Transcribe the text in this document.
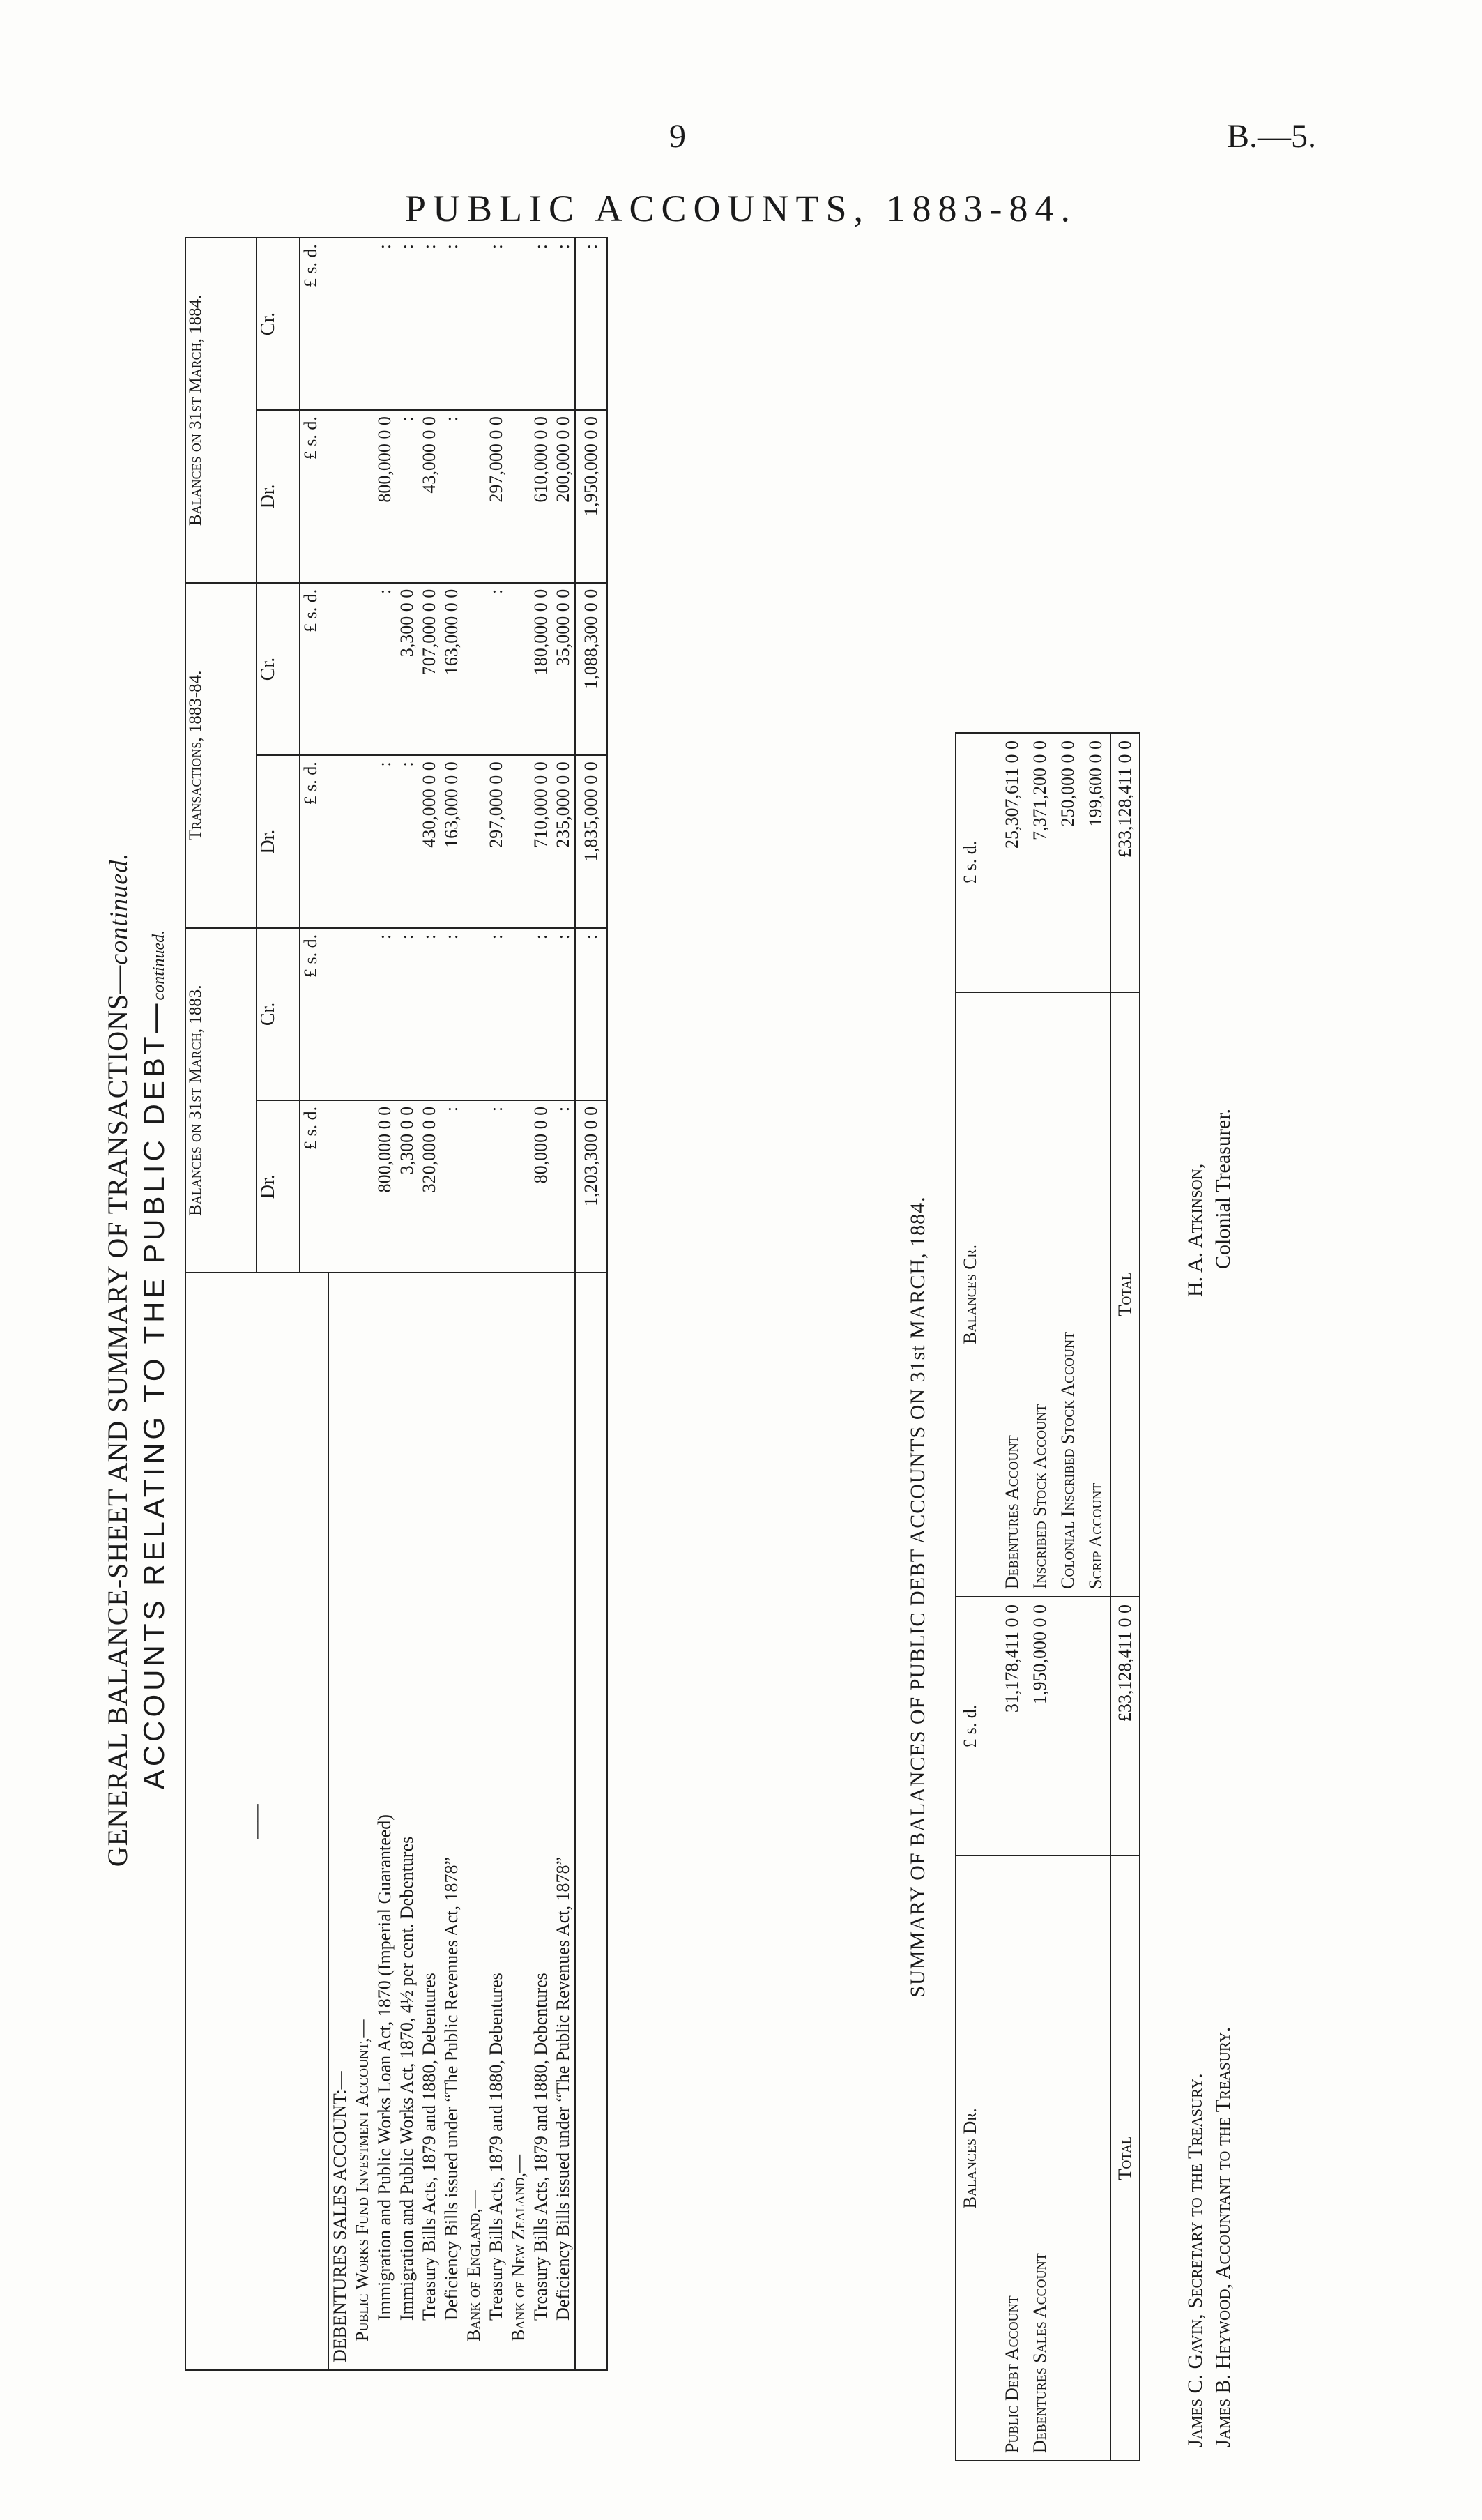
9	B.—5.
PUBLIC ACCOUNTS, 1883-84.
GENERAL BALANCE-SHEET AND SUMMARY OF TRANSACTIONS—continued.
ACCOUNTS RELATING TO THE PUBLIC DEBT—continued.
——	Balances on 31st March, 1883.		Transactions, 1883-84.		Balances on 31st March, 1884.	
	Dr.	Cr.	Dr.	Cr.	Dr.	Cr.
	£ s. d.	£ s. d.	£ s. d.	£ s. d.	£ s. d.	£ s. d.
DEBENTURES SALES ACCOUNT:—						
Public Works Fund Investment Account,—						
Immigration and Public Works Loan Act, 1870 (Imperial Guaranteed)	800,000 0 0	:	:	:	800,000 0 0	:
Immigration and Public Works Act, 1870, 4½ per cent. Debentures	3,300 0 0	:	:	3,300 0 0	:	:
Treasury Bills Acts, 1879 and 1880, Debentures	320,000 0 0	:	430,000 0 0	707,000 0 0	43,000 0 0	:
Deficiency Bills issued under “The Public Revenues Act, 1878”	:	:	163,000 0 0	163,000 0 0	:	:
Bank of England,—						
Treasury Bills Acts, 1879 and 1880, Debentures	:	:	297,000 0 0	:	297,000 0 0	:
Bank of New Zealand,—						
Treasury Bills Acts, 1879 and 1880, Debentures	80,000 0 0	:	710,000 0 0	180,000 0 0	610,000 0 0	:
Deficiency Bills issued under “The Public Revenues Act, 1878”	:	:	235,000 0 0	35,000 0 0	200,000 0 0	:
	1,203,300 0 0	:	1,835,000 0 0	1,088,300 0 0	1,950,000 0 0	:
SUMMARY OF BALANCES OF PUBLIC DEBT ACCOUNTS ON 31st MARCH, 1884.
Balances Dr.	£ s. d.	Balances Cr.	£ s. d.
Public Debt Account	31,178,411 0 0	Debentures Account	25,307,611 0 0
Debentures Sales Account	1,950,000 0 0	Inscribed Stock Account	7,371,200 0 0
		Colonial Inscribed Stock Account	250,000 0 0
		Scrip Account	199,600 0 0
Total	£33,128,411 0 0	Total	£33,128,411 0 0
James C. Gavin, Secretary to the Treasury. James B. Heywood, Accountant to the Treasury.
H. A. Atkinson, Colonial Treasurer.
